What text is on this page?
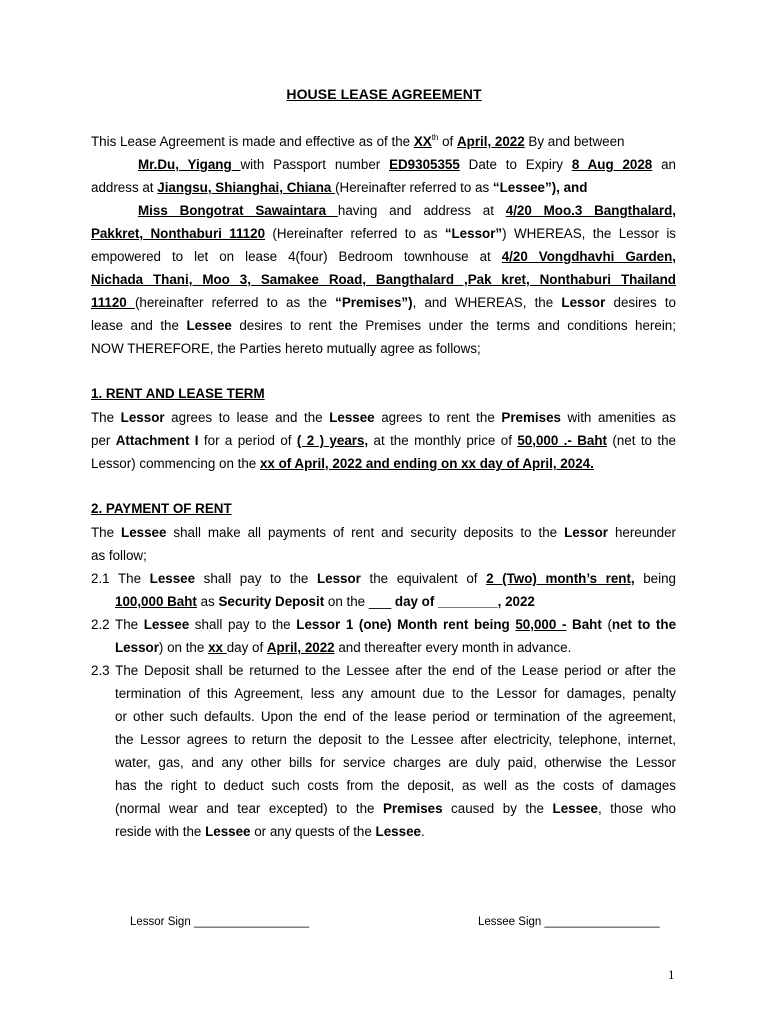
HOUSE LEASE AGREEMENT
This Lease Agreement is made and effective as of the XXth of April, 2022 By and between
Mr.Du, Yigang with Passport number ED9305355 Date to Expiry 8 Aug 2028 an
address at Jiangsu, Shianghai, Chiana (Hereinafter referred to as “Lessee”), and
Miss Bongotrat Sawaintara having and address at 4/20 Moo.3 Bangthalard,
Pakkret, Nonthaburi 11120 (Hereinafter referred to as “Lessor”) WHEREAS, the Lessor is
empowered to let on lease 4(four) Bedroom townhouse at 4/20 Vongdhavhi Garden,
Nichada Thani, Moo 3, Samakee Road, Bangthalard ,Pak kret, Nonthaburi Thailand
11120 (hereinafter referred to as the “Premises”), and WHEREAS, the Lessor desires to
lease and the Lessee desires to rent the Premises under the terms and conditions herein;
NOW THEREFORE, the Parties hereto mutually agree as follows;
1. RENT AND LEASE TERM
The Lessor agrees to lease and the Lessee agrees to rent the Premises with amenities as
per Attachment I for a period of ( 2 ) years, at the monthly price of 50,000 .- Baht (net to the
Lessor) commencing on the xx of April, 2022 and ending on xx day of April, 2024.
2. PAYMENT OF RENT
The Lessee shall make all payments of rent and security deposits to the Lessor hereunder
as follow;
2.1 The Lessee shall pay to the Lessor the equivalent of 2 (Two) month’s rent, being
100,000 Baht as Security Deposit on the ___ day of ________, 2022
2.2 The Lessee shall pay to the Lessor 1 (one) Month rent being 50,000 - Baht (net to the
Lessor) on the xx day of April, 2022 and thereafter every month in advance.
2.3 The Deposit shall be returned to the Lessee after the end of the Lease period or after the
termination of this Agreement, less any amount due to the Lessor for damages, penalty
or other such defaults. Upon the end of the lease period or termination of the agreement,
the Lessor agrees to return the deposit to the Lessee after electricity, telephone, internet,
water, gas, and any other bills for service charges are duly paid, otherwise the Lessor
has the right to deduct such costs from the deposit, as well as the costs of damages
(normal wear and tear excepted) to the Premises caused by the Lessee, those who
reside with the Lessee or any quests of the Lessee.
Lessor Sign __________________	Lessee Sign __________________
1
